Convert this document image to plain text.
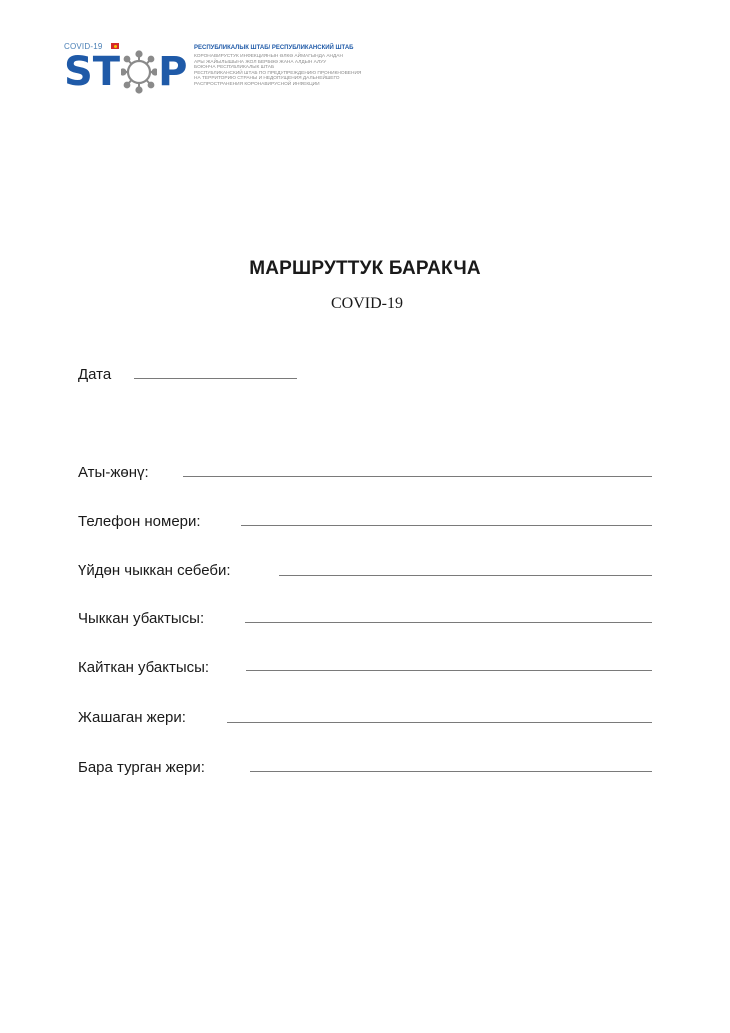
COVID-19
ST P
РЕСПУБЛИКАЛЫК ШТАБ/ РЕСПУБЛИКАНСКИЙ ШТАБ
КОРОНАВИРУСТУК ИНФЕКЦИЯНЫН ӨЛКӨ АЙМАГЫНДА АНДАН
АРЫ ЖАЙЫЛЫШЫНА ЖОЛ БЕРБӨӨ ЖАНА АЛДЫН АЛУУ
БОЮНЧА РЕСПУБЛИКАЛЫК ШТАБ
РЕСПУБЛИКАНСКИЙ ШТАБ ПО ПРЕДУПРЕЖДЕНИЮ ПРОНИКНОВЕНИЯ
НА ТЕРРИТОРИЮ СТРАНЫ И НЕДОПУЩЕНИЯ ДАЛЬНЕЙШЕГО
РАСПРОСТРАНЕНИЯ КОРОНАВИРУСНОЙ ИНФЕКЦИИ
МАРШРУТТУК БАРАКЧА
COVID-19
Дата
Аты-жөнү:
Телефон номери:
Үйдөн чыккан себеби:
Чыккан убактысы:
Кайткан убактысы:
Жашаган жери:
Бара турган жери:
